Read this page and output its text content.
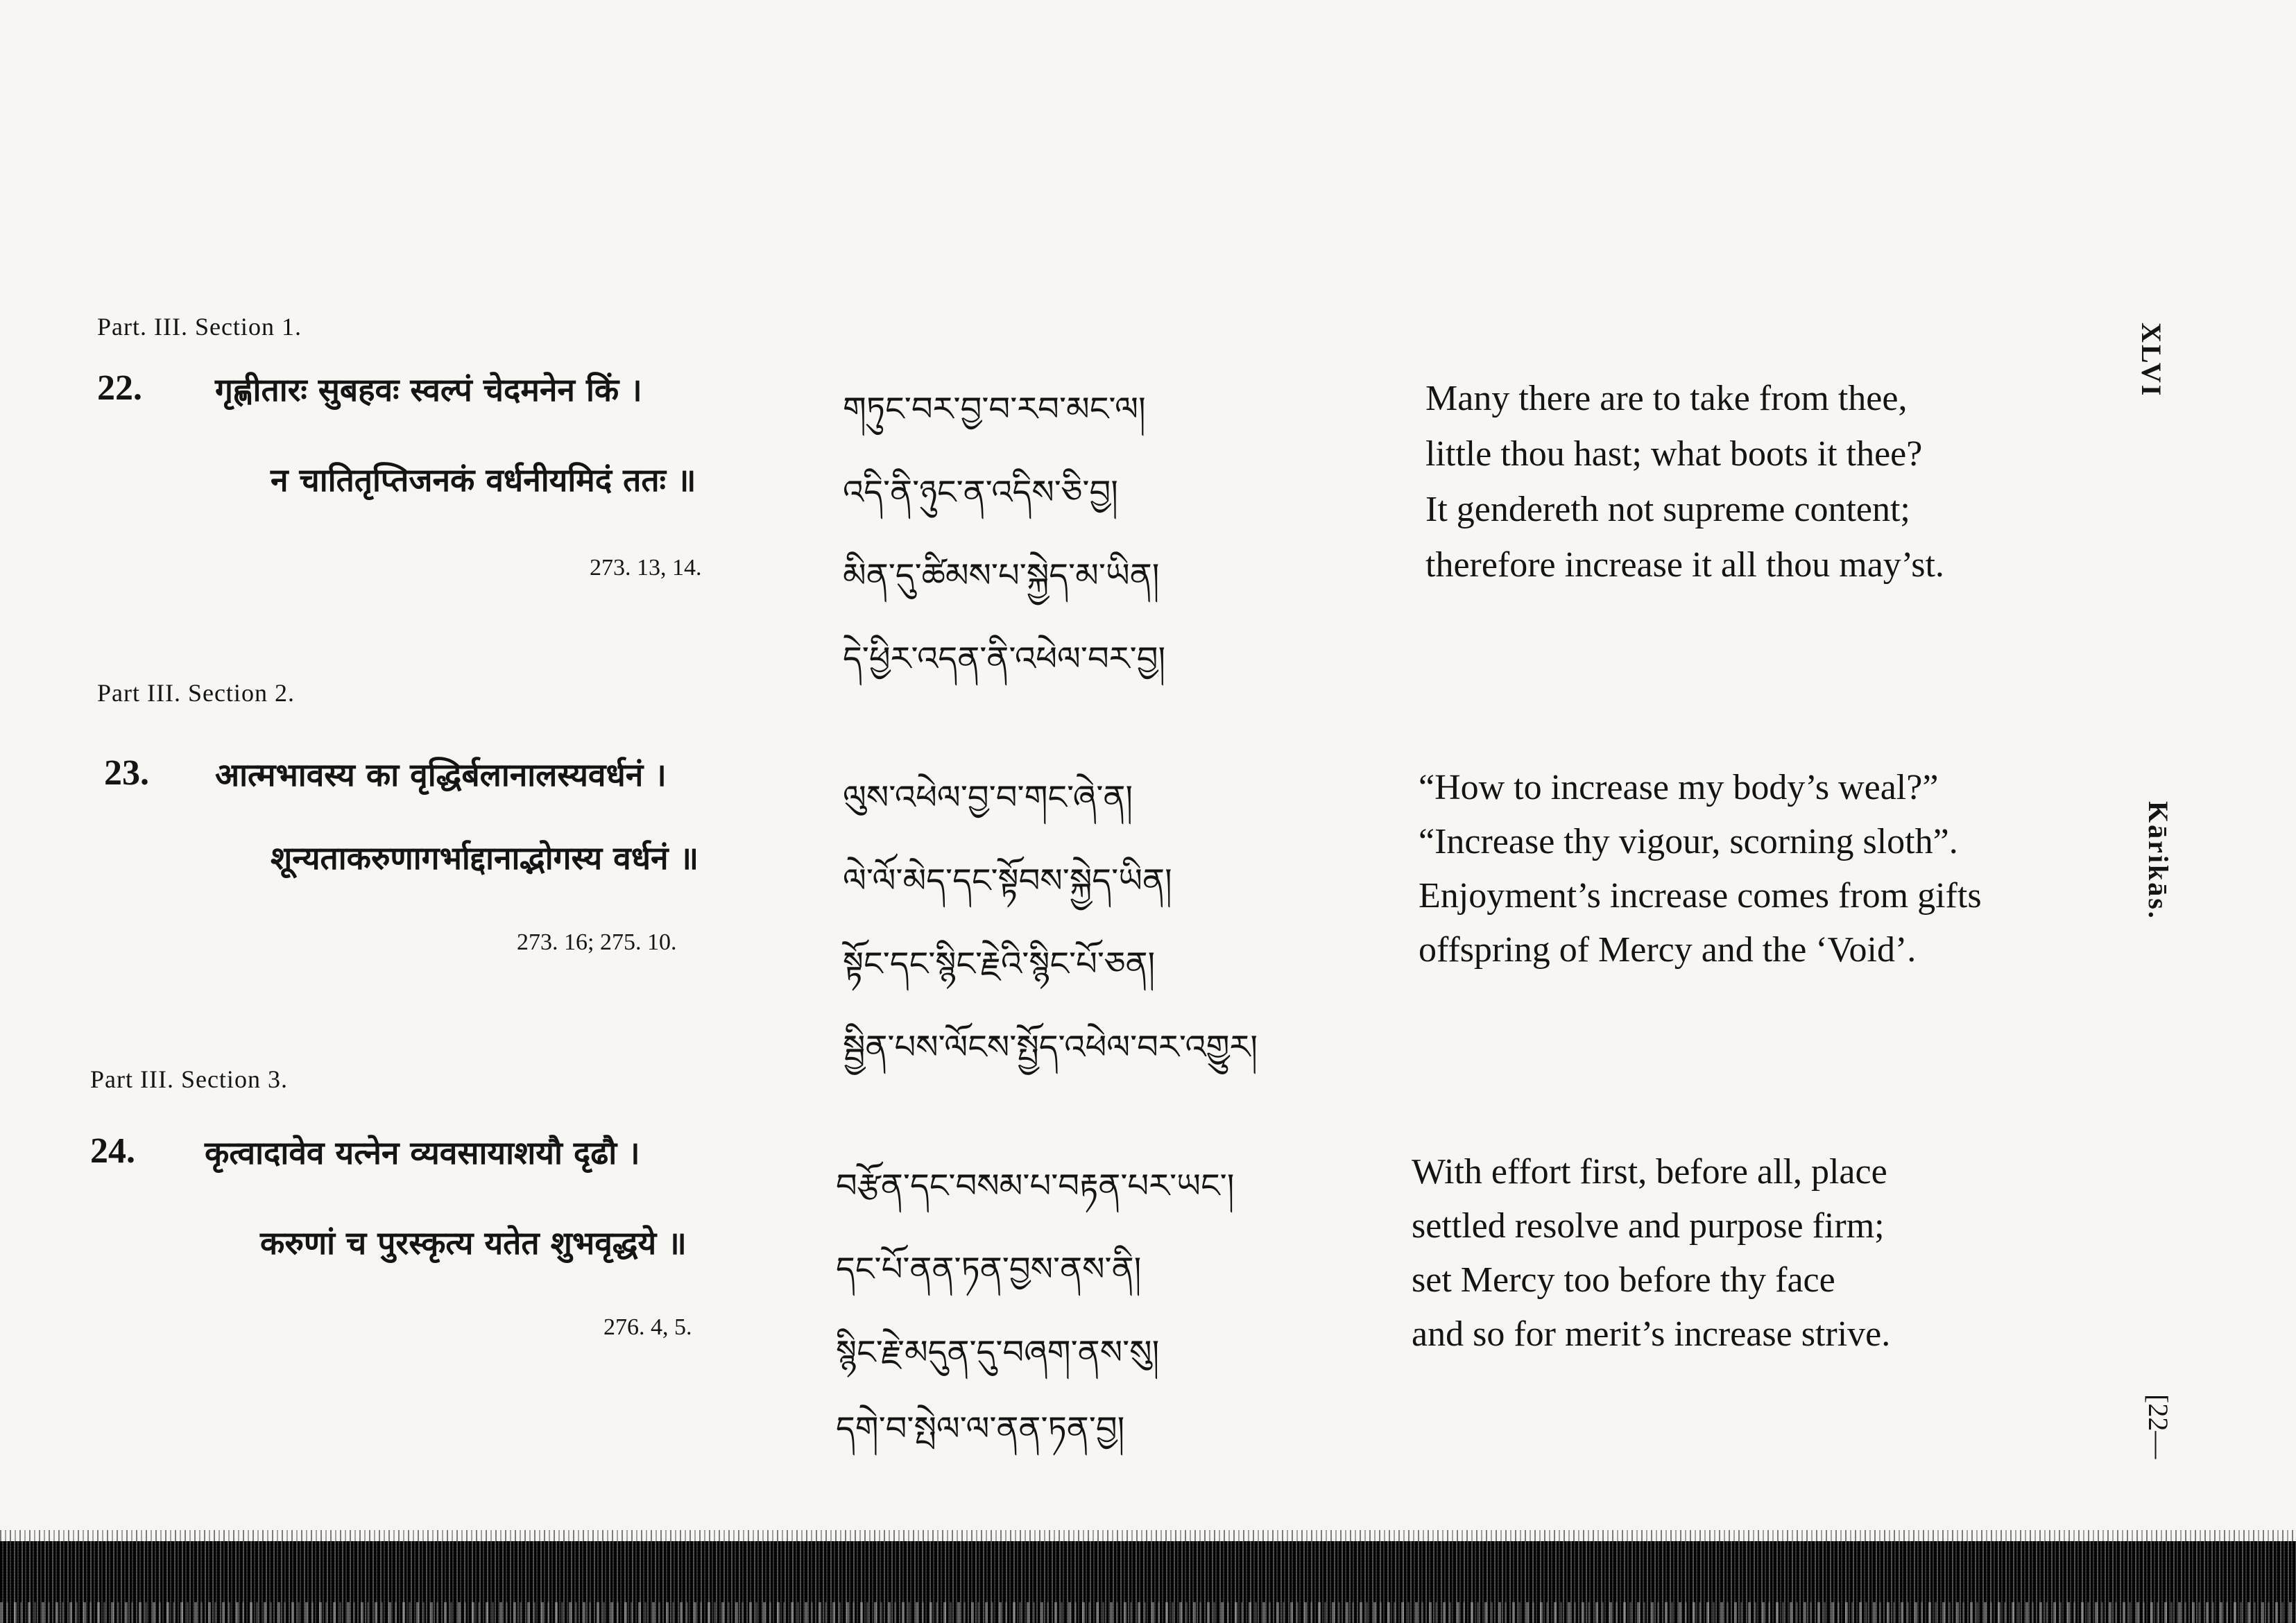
Part. III. Section 1.
22. गृह्णीतारः सुबहवः स्वल्पं चेदमनेन किं ।
न चातितृप्तिजनकं वर्धनीयमिदं ततः ॥
273. 13, 14.
གཏུང་བར་བྱ་བ་རབ་མང་ལ།
འདི་ནི་ཉུང་ན་འདིས་ཅི་བྱ།
མིན་དུ་ཚིམས་པ་སྐྱེད་མ་ཡིན།
དེ་ཕྱིར་འདན་ནི་འཕེལ་བར་བྱ།
Many there are to take from thee,
little thou hast; what boots it thee?
It gendereth not supreme content;
therefore increase it all thou may’st.
Part III. Section 2.
23. आत्मभावस्य का वृद्धिर्बलानालस्यवर्धनं ।
शून्यताकरुणागर्भाद्दानाद्भोगस्य वर्धनं ॥
273. 16; 275. 10.
ལུས་འཕེལ་བྱ་བ་གང་ཞེ་ན།
ལེ་ལོ་མེད་དང་སྟོབས་སྐྱེད་ཡིན།
སྟོང་དང་སྙིང་རྗེའི་སྙིང་པོ་ཅན།
སྦྱིན་པས་ལོངས་སྤྱོད་འཕེལ་བར་འགྱུར།
“How to increase my body’s weal?”
“Increase thy vigour, scorning sloth”.
Enjoyment’s increase comes from gifts
offspring of Mercy and the ‘Void’.
Part III. Section 3.
24. कृत्वादावेव यत्नेन व्यवसायाशयौ दृढौ ।
करुणां च पुरस्कृत्य यतेत शुभवृद्धये ॥
276. 4, 5.
བརྩོན་དང་བསམ་པ་བརྟན་པར་ཡང་།
དང་པོ་ནན་ཏན་བྱས་ནས་ནི།
སྙིང་རྗེ་མདུན་དུ་བཞག་ནས་སུ།
དགེ་བ་སྤེལ་ལ་ནན་ཏན་བྱ།
With effort first, before all, place
settled resolve and purpose firm;
set Mercy too before thy face
and so for merit’s increase strive.
XLVI
Kārikās.
[22—
